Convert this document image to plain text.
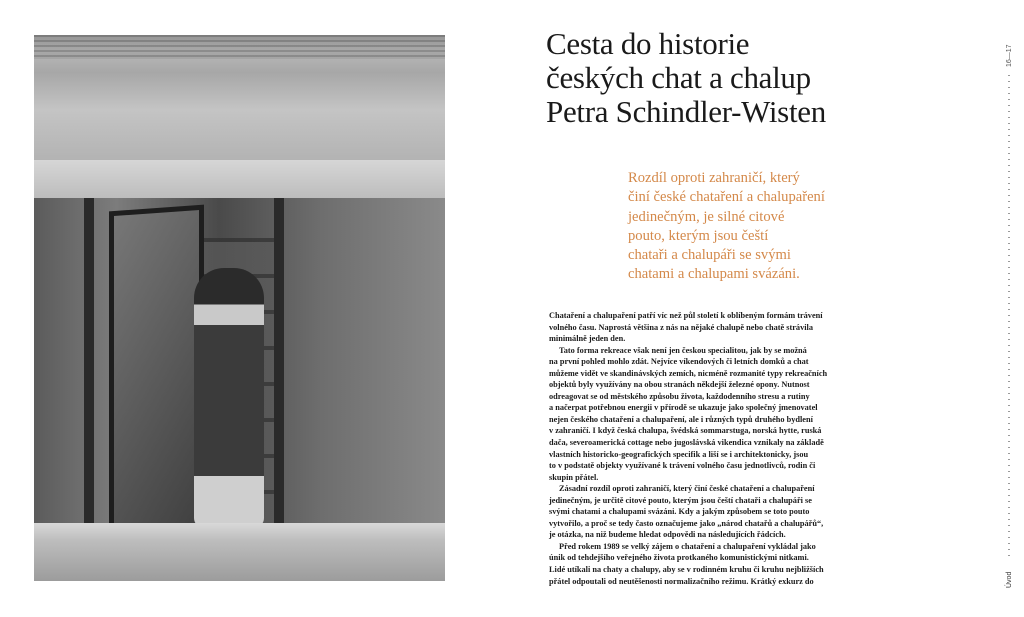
Cesta do historie
českých chat a chalup
Petra Schindler-Wisten
Rozdíl oproti zahraničí, který
činí české chataření a chalupaření
jedinečným, je silné citové
pouto, kterým jsou čeští
chataři a chalupáři se svými
chatami a chalupami svázáni.
Chataření a chalupaření patří víc než půl století k oblíbeným formám trávení
volného času. Naprostá většina z nás na nějaké chalupě nebo chatě strávila
minimálně jeden den.
Tato forma rekreace však není jen českou specialitou, jak by se možná
na první pohled mohlo zdát. Nejvíce víkendových či letních domků a chat
můžeme vidět ve skandinávských zemích, nicméně rozmanité typy rekreačních
objektů byly využívány na obou stranách někdejší železné opony. Nutnost
odreagovat se od městského způsobu života, každodenního stresu a rutiny
a načerpat potřebnou energii v přírodě se ukazuje jako společný jmenovatel
nejen českého chataření a chalupaření, ale i různých typů druhého bydlení
v zahraničí. I když česká chalupa, švédská sommarstuga, norská hytte, ruská
dača, severoamerická cottage nebo jugoslávská vikendica vznikaly na základě
vlastních historicko-geografických specifik a liší se i architektonicky, jsou
to v podstatě objekty využívané k trávení volného času jednotlivců, rodin či
skupin přátel.
Zásadní rozdíl oproti zahraničí, který činí české chataření a chalupaření
jedinečným, je určitě citové pouto, kterým jsou čeští chataři a chalupáři se
svými chatami a chalupami svázáni. Kdy a jakým způsobem se toto pouto
vytvořilo, a proč se tedy často označujeme jako „národ chatařů a chalupářů“,
je otázka, na niž budeme hledat odpovědi na následujících řádcích.
Před rokem 1989 se velký zájem o chataření a chalupaření vykládal jako
únik od tehdejšího veřejného života protkaného komunistickými nitkami.
Lidé utíkali na chaty a chalupy, aby se v rodinném kruhu či kruhu nejbližších
přátel odpoutali od neutěšenosti normalizačního režimu. Krátký exkurz do
16—17
Úvod
